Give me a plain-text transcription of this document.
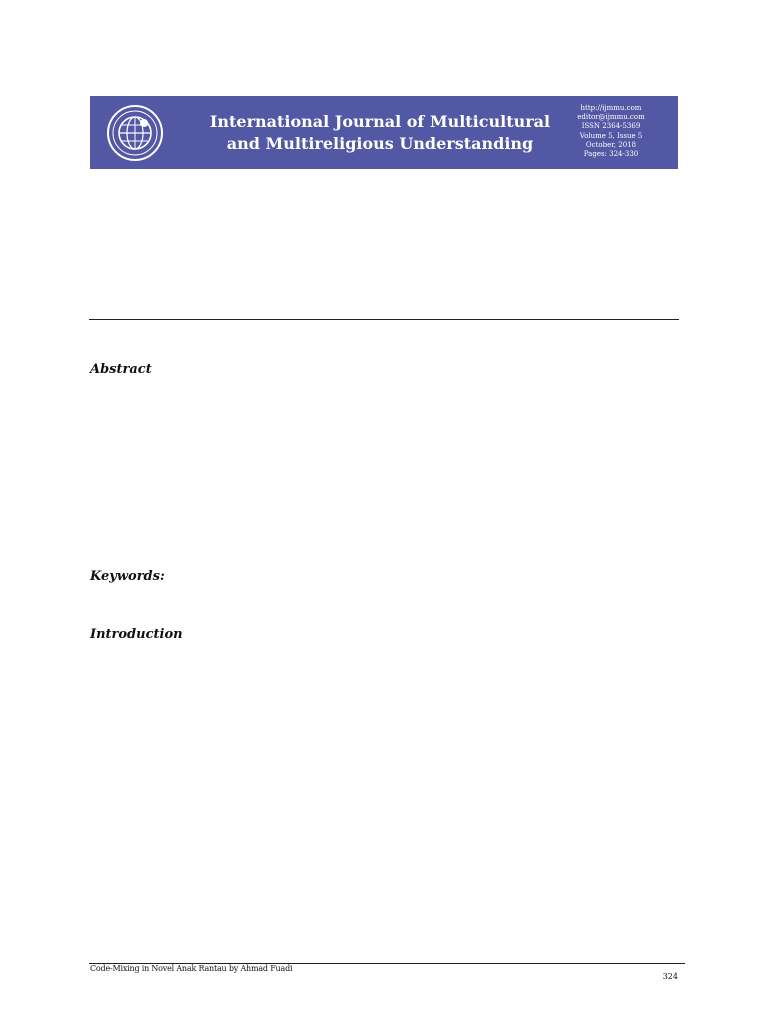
International Journal of Multicultural
and Multireligious Understanding
http://ijmmu.com
editor@ijmmu.com
ISSN 2364-5369
Volume 5, Issue 5
October, 2018
Pages: 324-330
Abstract
Keywords:
Introduction
Code-Mixing in Novel Anak Rantau by Ahmad Fuadi
324
